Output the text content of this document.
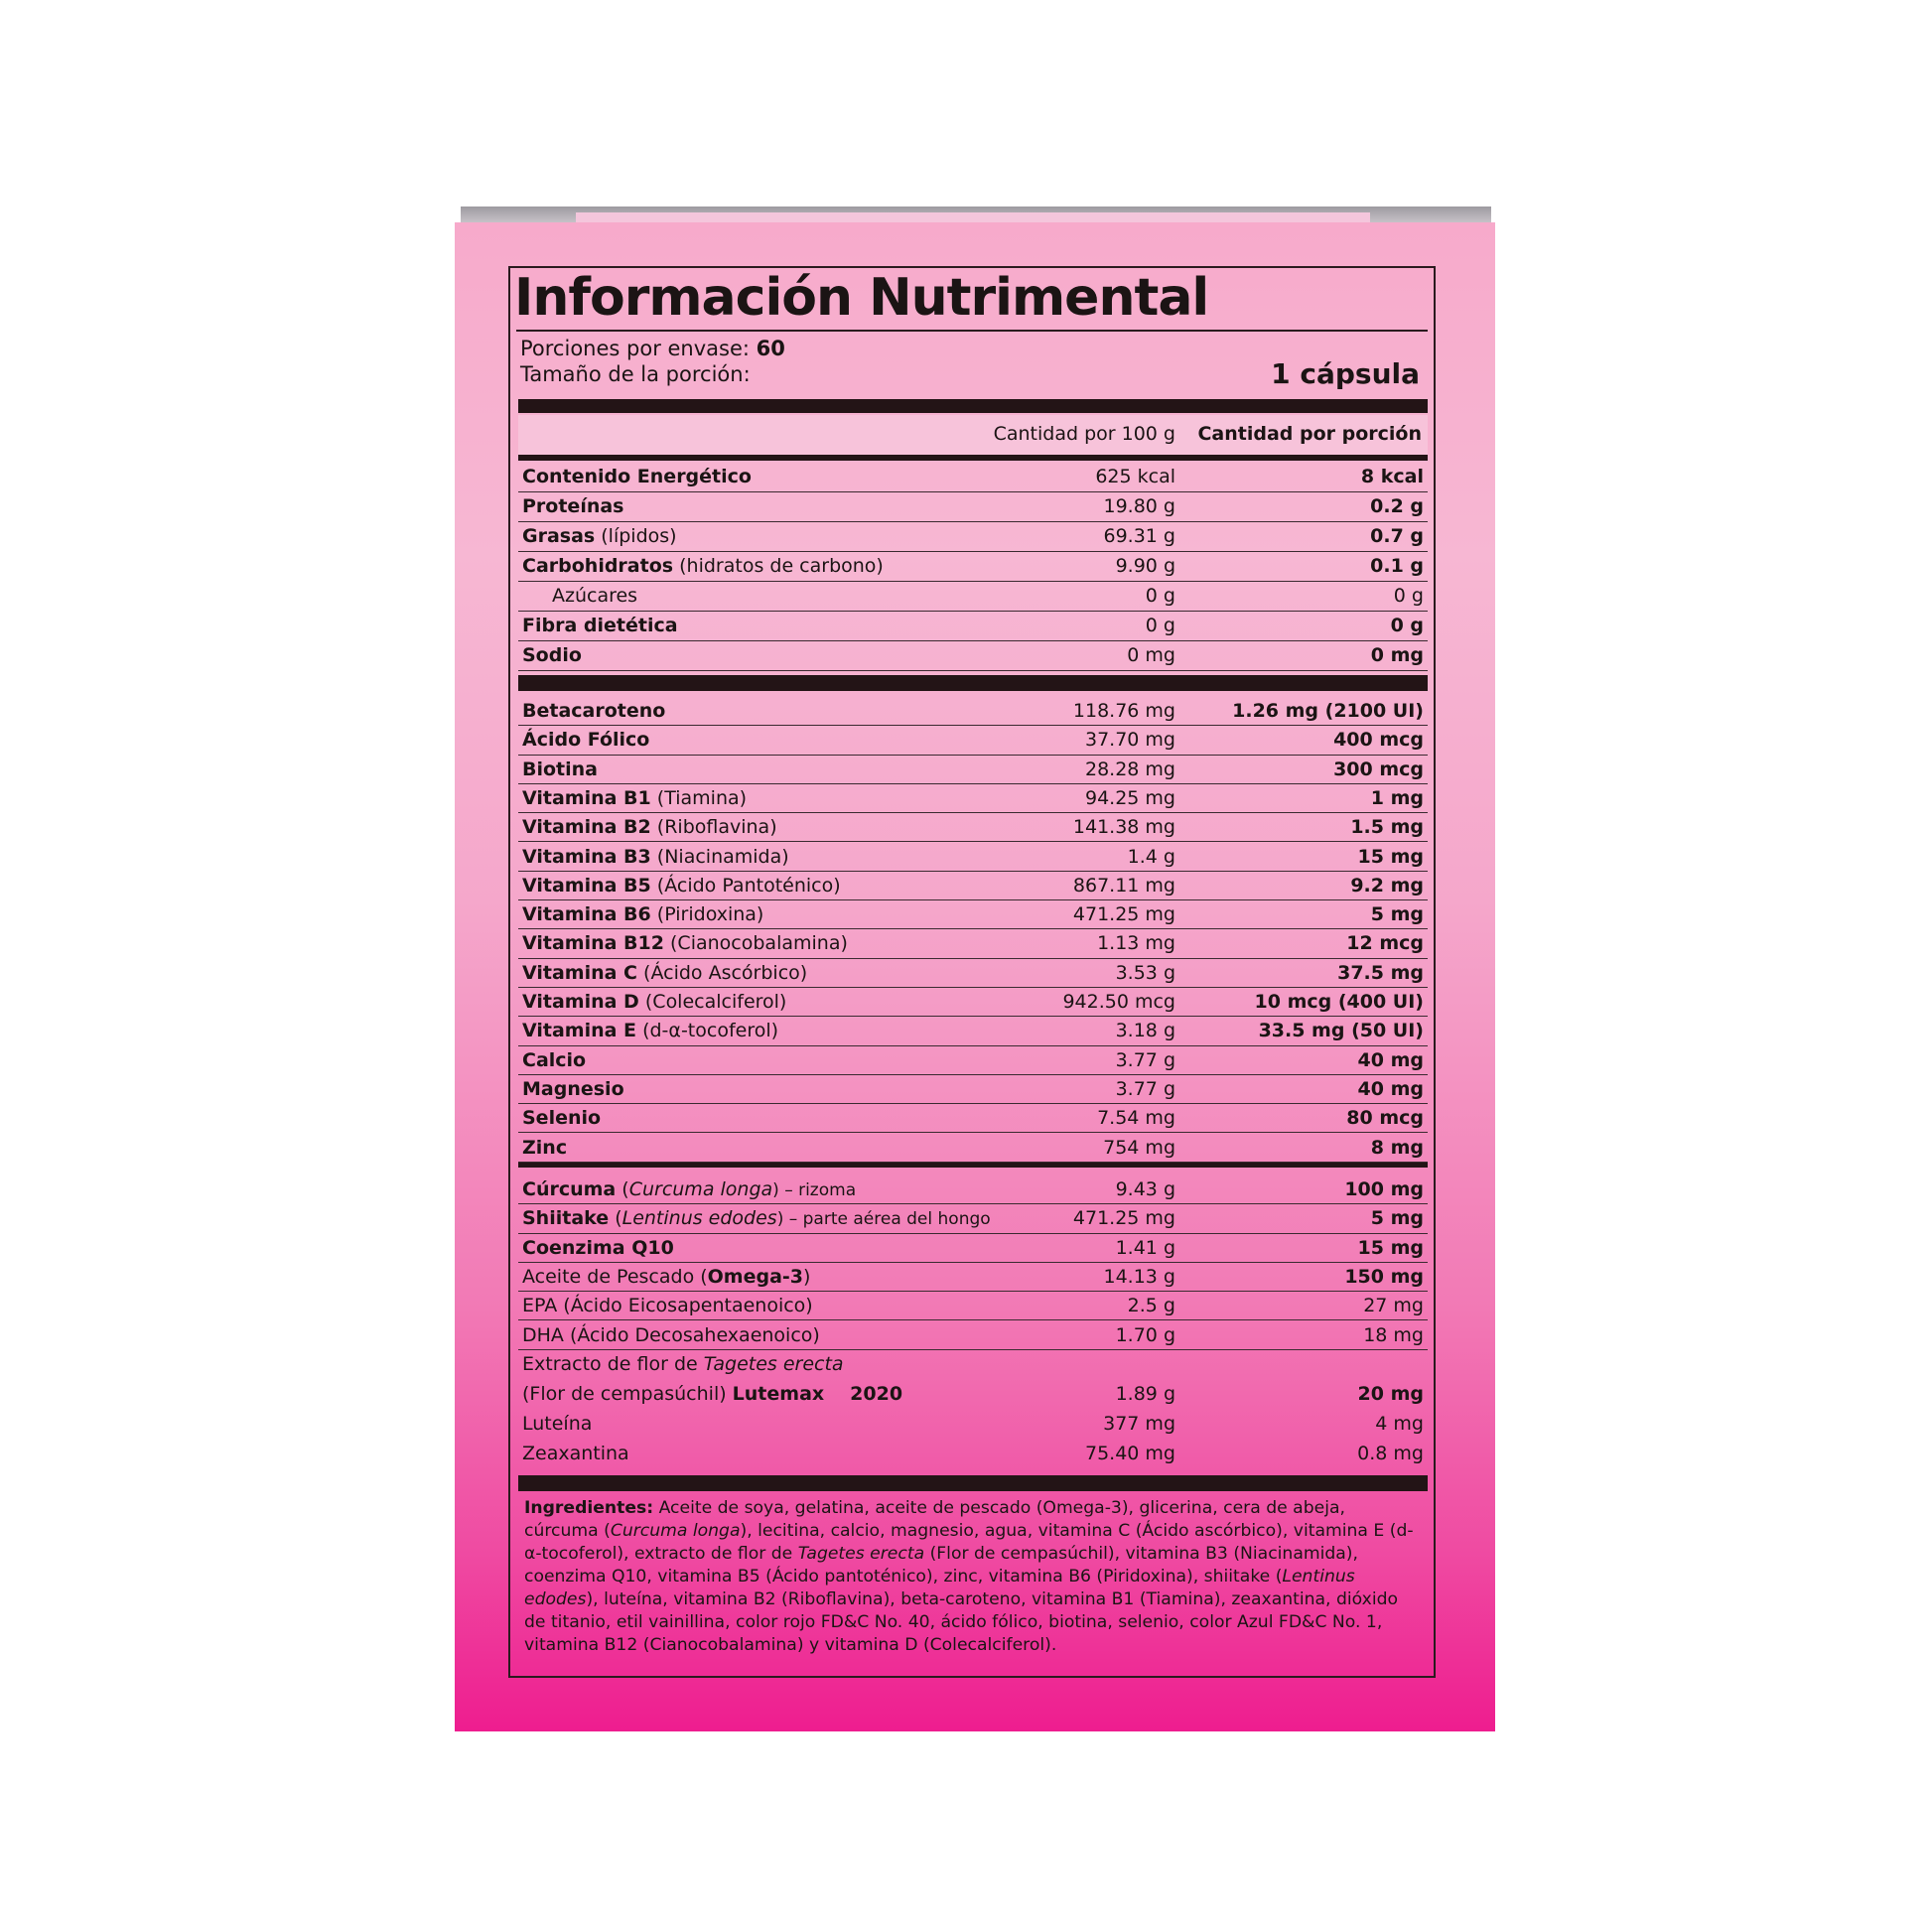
Información Nutrimental
Porciones por envase: 60
Tamaño de la porción:	1 cápsula
Cantidad por 100 g Cantidad por porción
Contenido Energético	625 kcal	8 kcal
Proteínas	19.80 g	0.2 g
Grasas (lípidos)	69.31 g	0.7 g
Carbohidratos (hidratos de carbono)	9.90 g	0.1 g
Azúcares	0 g	0 g
Fibra dietética	0 g	0 g
Sodio	0 mg	0 mg
Betacaroteno	118.76 mg	1.26 mg (2100 UI)
Ácido Fólico	37.70 mg	400 mcg
Biotina	28.28 mg	300 mcg
Vitamina B1 (Tiamina)	94.25 mg	1 mg
Vitamina B2 (Riboflavina)	141.38 mg	1.5 mg
Vitamina B3 (Niacinamida)	1.4 g	15 mg
Vitamina B5 (Ácido Pantoténico)	867.11 mg	9.2 mg
Vitamina B6 (Piridoxina)	471.25 mg	5 mg
Vitamina B12 (Cianocobalamina)	1.13 mg	12 mcg
Vitamina C (Ácido Ascórbico)	3.53 g	37.5 mg
Vitamina D (Colecalciferol)	942.50 mcg	10 mcg (400 UI)
Vitamina E (d-α-tocoferol)	3.18 g	33.5 mg (50 UI)
Calcio	3.77 g	40 mg
Magnesio	3.77 g	40 mg
Selenio	7.54 mg	80 mcg
Zinc	754 mg	8 mg
Cúrcuma (Curcuma longa) – rizoma	9.43 g	100 mg
Shiitake (Lentinus edodes) – parte aérea del hongo	471.25 mg	5 mg
Coenzima Q10	1.41 g	15 mg
Aceite de Pescado (Omega-3)	14.13 g	150 mg
EPA (Ácido Eicosapentaenoico)	2.5 g	27 mg
DHA (Ácido Decosahexaenoico)	1.70 g	18 mg
Extracto de flor de Tagetes erecta
(Flor de cempasúchil) Lutemax 2020	1.89 g	20 mg
Luteína	377 mg	4 mg
Zeaxantina	75.40 mg	0.8 mg
Ingredientes: Aceite de soya, gelatina, aceite de pescado (Omega-3), glicerina, cera de abeja, cúrcuma (Curcuma longa), lecitina, calcio, magnesio, agua, vitamina C (Ácido ascórbico), vitamina E (d-α-tocoferol), extracto de flor de Tagetes erecta (Flor de cempasúchil), vitamina B3 (Niacinamida), coenzima Q10, vitamina B5 (Ácido pantoténico), zinc, vitamina B6 (Piridoxina), shiitake (Lentinus edodes), luteína, vitamina B2 (Riboflavina), beta-caroteno, vitamina B1 (Tiamina), zeaxantina, dióxido de titanio, etil vainillina, color rojo FD&C No. 40, ácido fólico, biotina, selenio, color Azul FD&C No. 1, vitamina B12 (Cianocobalamina) y vitamina D (Colecalciferol).
